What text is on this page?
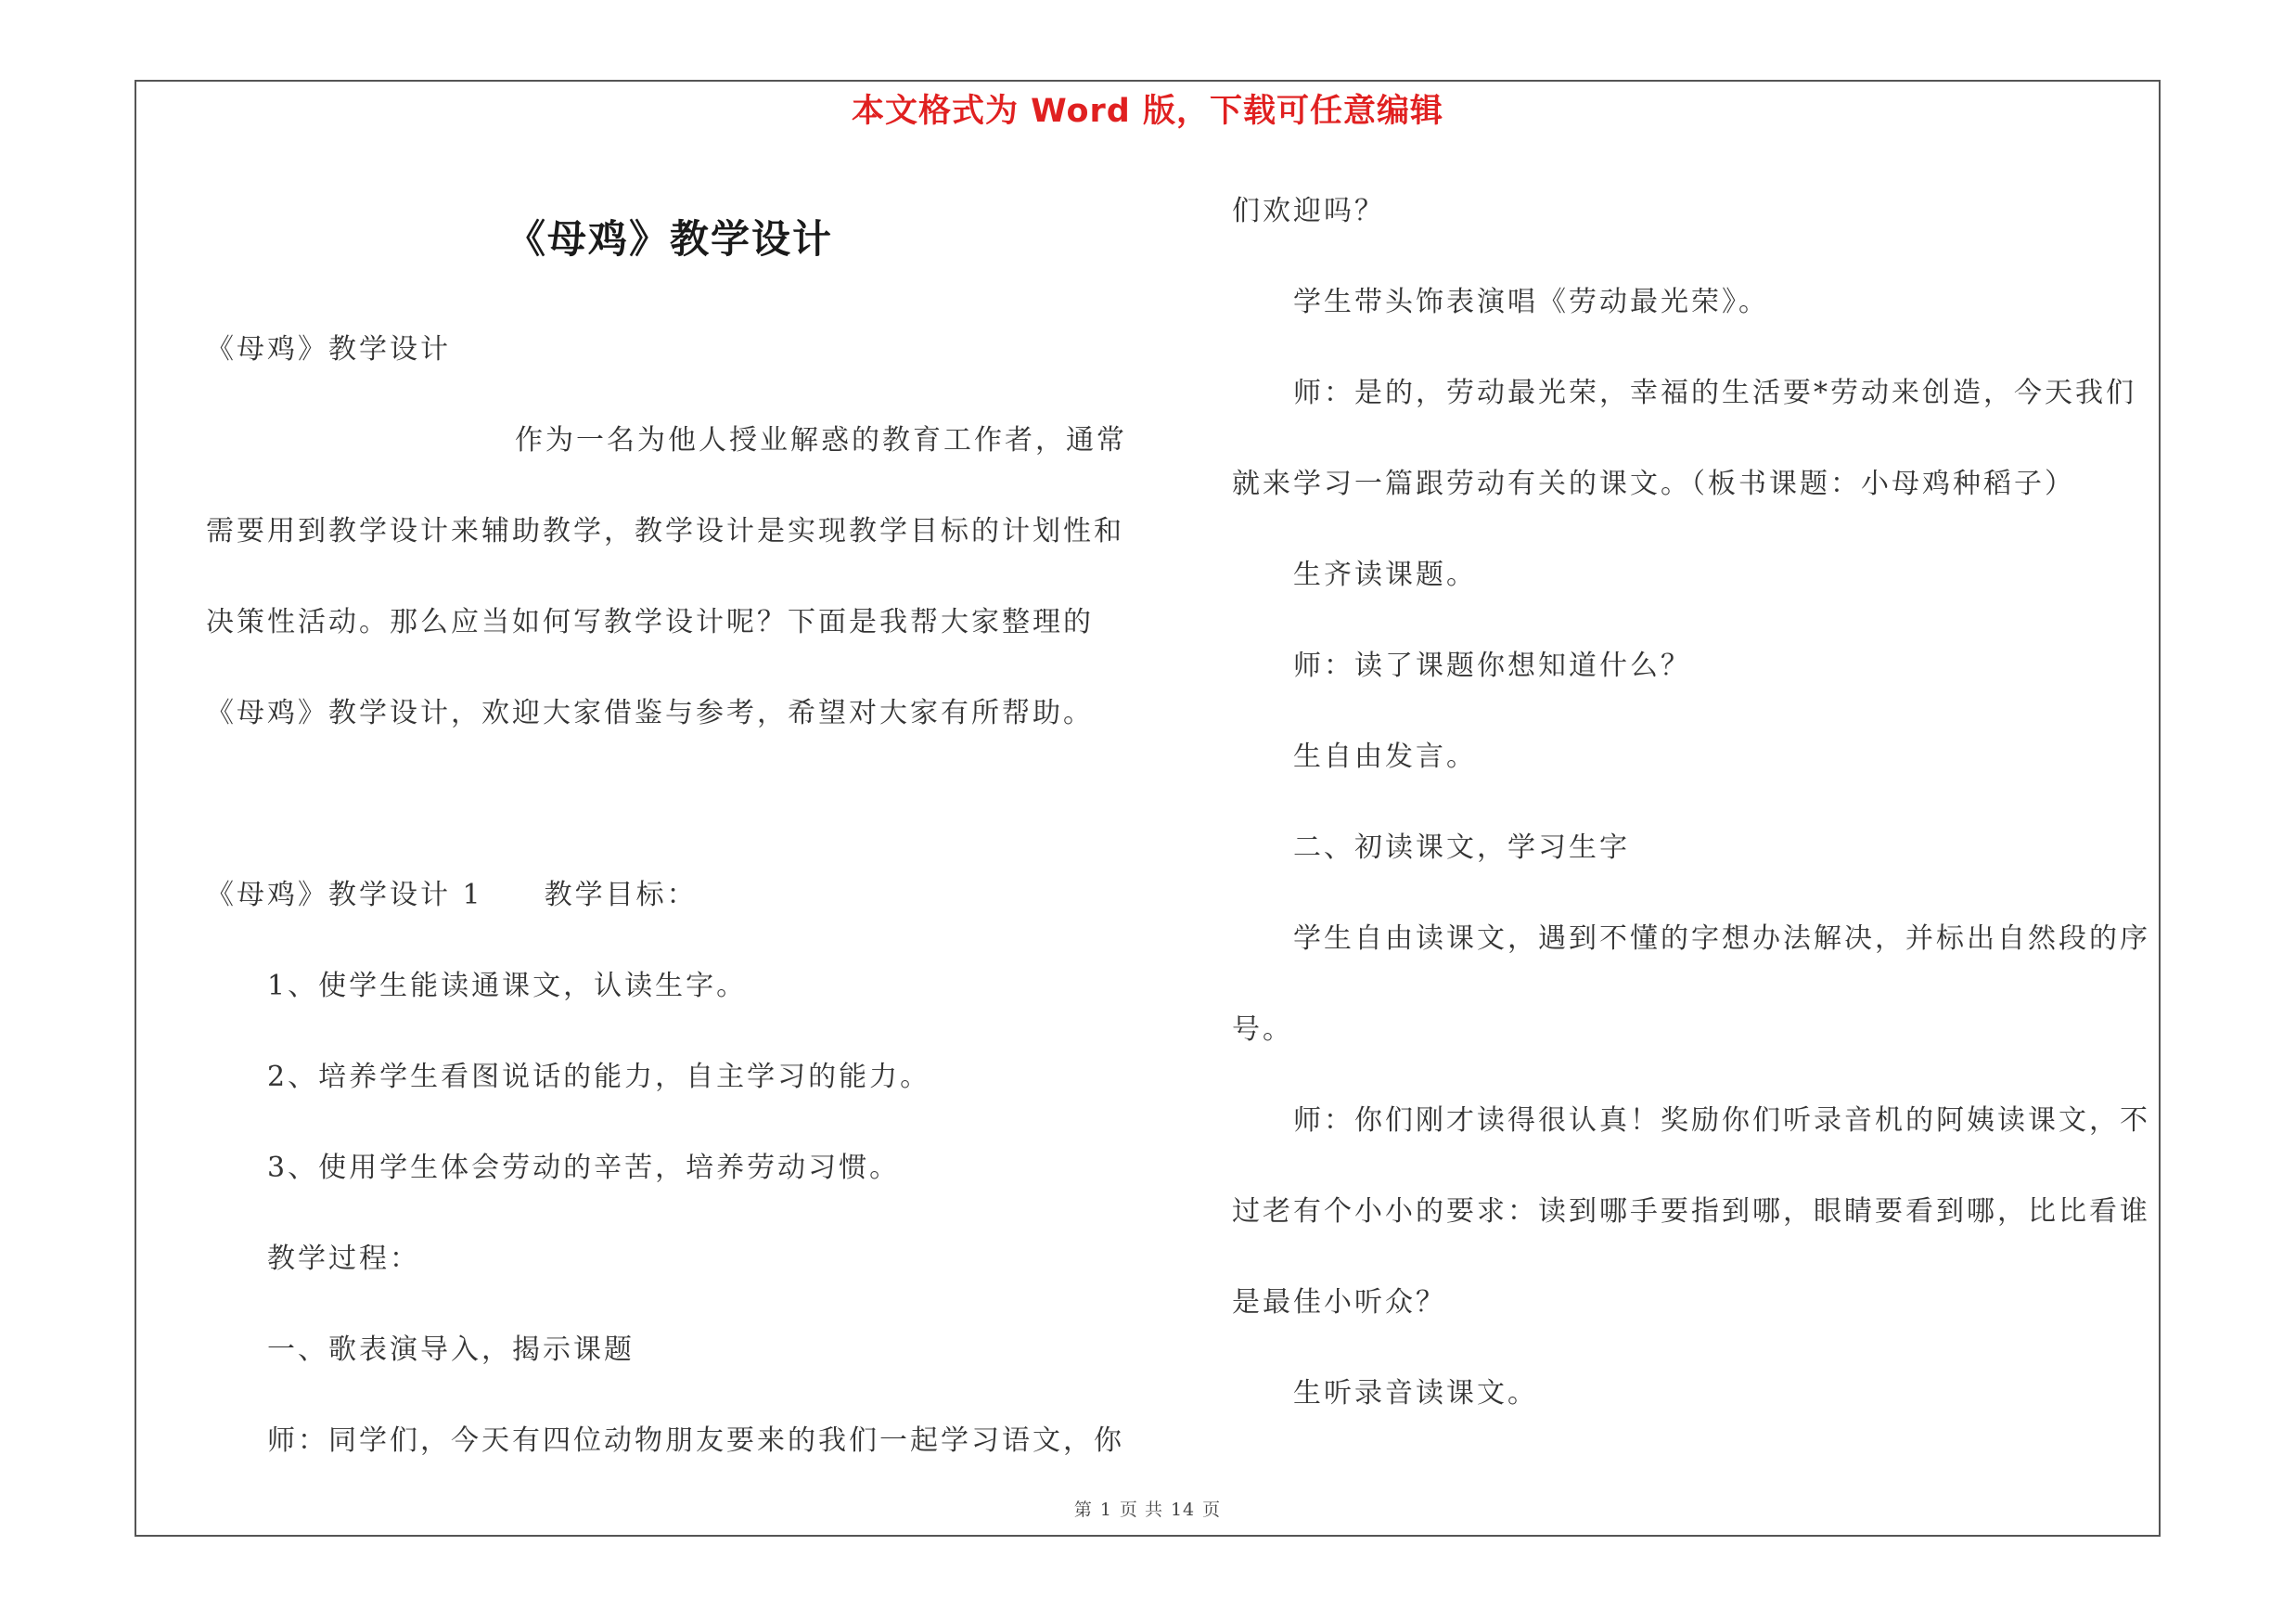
本文格式为 Word 版，下载可任意编辑
《母鸡》教学设计
《母鸡》教学设计
作为一名为他人授业解惑的教育工作者，通常
需要用到教学设计来辅助教学，教学设计是实现教学目标的计划性和
决策性活动。那么应当如何写教学设计呢？下面是我帮大家整理的
《母鸡》教学设计，欢迎大家借鉴与参考，希望对大家有所帮助。
《母鸡》教学设计 1　　教学目标：
1、使学生能读通课文，认读生字。
2、培养学生看图说话的能力，自主学习的能力。
3、使用学生体会劳动的辛苦，培养劳动习惯。
教学过程：
一、歌表演导入，揭示课题
师：同学们，今天有四位动物朋友要来的我们一起学习语文，你
们欢迎吗？
学生带头饰表演唱《劳动最光荣》。
师：是的，劳动最光荣，幸福的生活要*劳动来创造，今天我们
就来学习一篇跟劳动有关的课文。（板书课题：小母鸡种稻子）
生齐读课题。
师：读了课题你想知道什么？
生自由发言。
二、初读课文，学习生字
学生自由读课文，遇到不懂的字想办法解决，并标出自然段的序
号。
师：你们刚才读得很认真！奖励你们听录音机的阿姨读课文，不
过老有个小小的要求：读到哪手要指到哪，眼睛要看到哪，比比看谁
是最佳小听众？
生听录音读课文。
第 1 页 共 14 页
